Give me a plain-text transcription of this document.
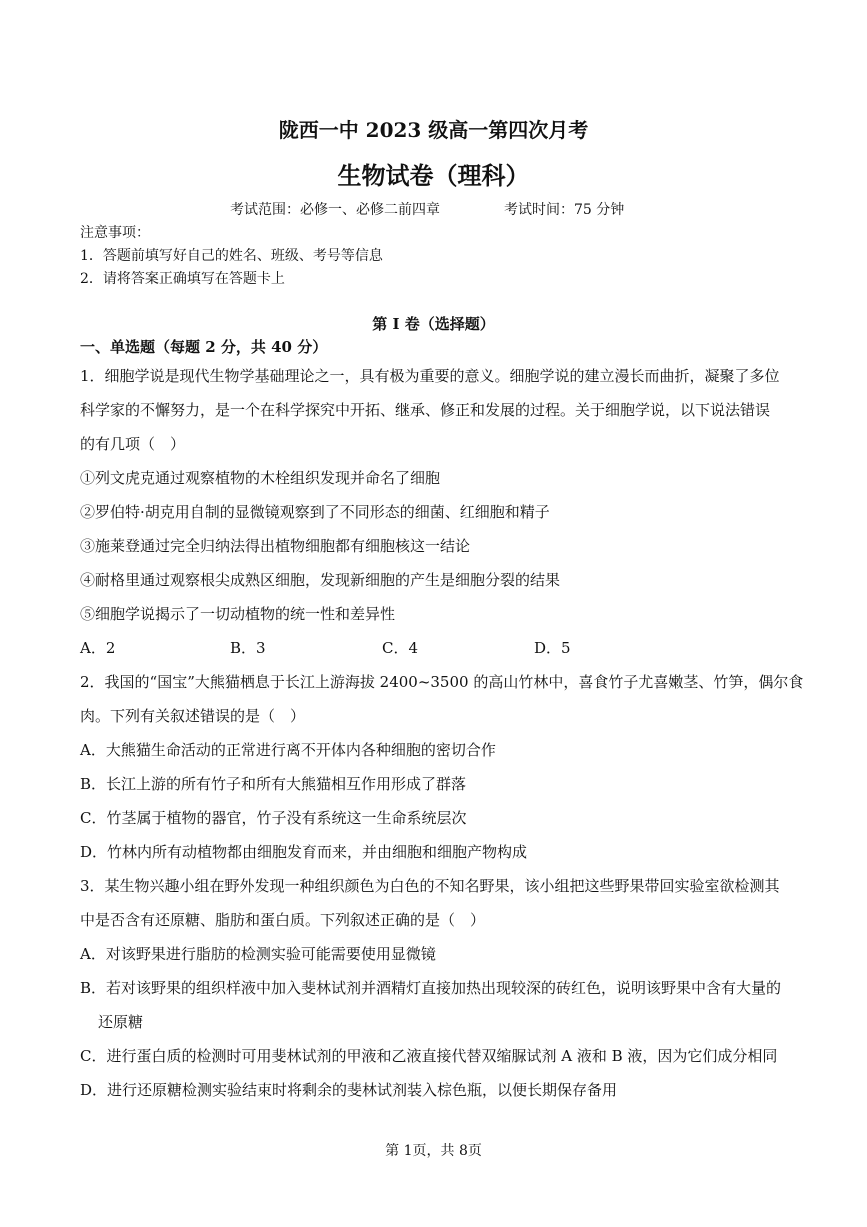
陇西一中 2023 级高一第四次月考
生物试卷（理科）
考试范围：必修一、必修二前四章	考试时间：75 分钟
注意事项：
1．答题前填写好自己的姓名、班级、考号等信息
2．请将答案正确填写在答题卡上
第 I 卷（选择题）
一、单选题（每题 2 分，共 40 分）
1．细胞学说是现代生物学基础理论之一，具有极为重要的意义。细胞学说的建立漫长而曲折，凝聚了多位
科学家的不懈努力，是一个在科学探究中开拓、继承、修正和发展的过程。关于细胞学说，以下说法错误
的有几项（　）
①列文虎克通过观察植物的木栓组织发现并命名了细胞
②罗伯特·胡克用自制的显微镜观察到了不同形态的细菌、红细胞和精子
③施莱登通过完全归纳法得出植物细胞都有细胞核这一结论
④耐格里通过观察根尖成熟区细胞，发现新细胞的产生是细胞分裂的结果
⑤细胞学说揭示了一切动植物的统一性和差异性
A．2	B．3	C．4	D．5
2．我国的“国宝”大熊猫栖息于长江上游海拔 2400~3500 的高山竹林中，喜食竹子尤喜嫩茎、竹笋，偶尔食
肉。下列有关叙述错误的是（　）
A．大熊猫生命活动的正常进行离不开体内各种细胞的密切合作
B．长江上游的所有竹子和所有大熊猫相互作用形成了群落
C．竹茎属于植物的器官，竹子没有系统这一生命系统层次
D．竹林内所有动植物都由细胞发育而来，并由细胞和细胞产物构成
3．某生物兴趣小组在野外发现一种组织颜色为白色的不知名野果，该小组把这些野果带回实验室欲检测其
中是否含有还原糖、脂肪和蛋白质。下列叙述正确的是（　）
A．对该野果进行脂肪的检测实验可能需要使用显微镜
B．若对该野果的组织样液中加入斐林试剂并酒精灯直接加热出现较深的砖红色，说明该野果中含有大量的
还原糖
C．进行蛋白质的检测时可用斐林试剂的甲液和乙液直接代替双缩脲试剂 A 液和 B 液，因为它们成分相同
D．进行还原糖检测实验结束时将剩余的斐林试剂装入棕色瓶，以便长期保存备用
第 1页，共 8页
